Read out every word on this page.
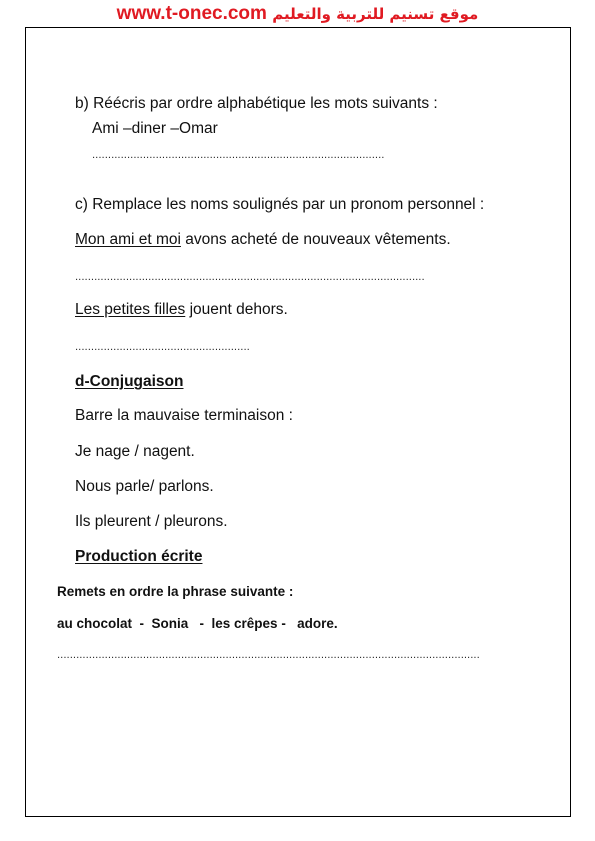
www.t-onec.com موقع تسنيم للتربية والتعليم
b) Réécris par ordre alphabétique les mots suivants :
Ami –diner –Omar
............................................................................................
c) Remplace les noms soulignés par un pronom personnel :
Mon ami et moi avons acheté de nouveaux vêtements.
..............................................................................................................
Les petites filles jouent dehors.
.......................................................
d-Conjugaison
Barre la mauvaise terminaison :
Je nage / nagent.
Nous parle/ parlons.
Ils pleurent / pleurons.
Production écrite
Remets en ordre la phrase suivante :
au chocolat  -  Sonia   -  les crêpes -   adore.
.....................................................................................................................................
